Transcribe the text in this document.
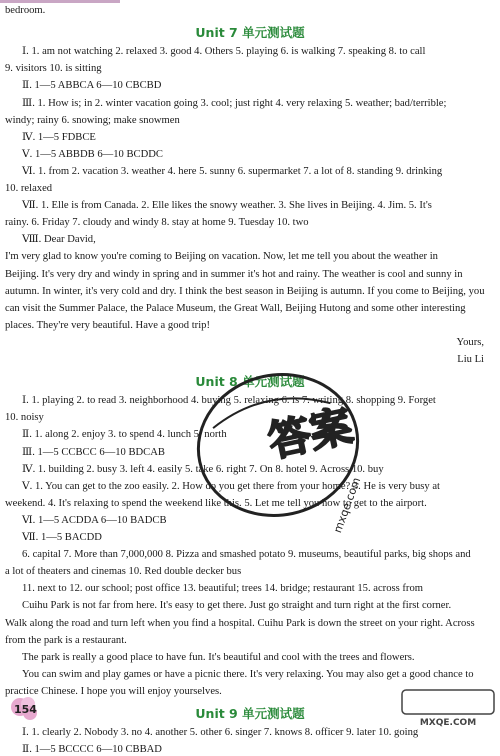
bedroom.
Unit 7 单元测试题
Ⅰ. 1. am not watching 2. relaxed 3. good 4. Others 5. playing 6. is walking 7. speaking 8. to call
9. visitors 10. is sitting
Ⅱ. 1—5 ABBCA 6—10 CBCBD
Ⅲ. 1. How is; in 2. winter vacation going 3. cool; just right 4. very relaxing 5. weather; bad/terrible;
windy; rainy 6. snowing; make snowmen
Ⅳ. 1—5 FDBCE
Ⅴ. 1—5 ABBDB 6—10 BCDDC
Ⅵ. 1. from 2. vacation 3. weather 4. here 5. sunny 6. supermarket 7. a lot of 8. standing 9. drinking
10. relaxed
Ⅶ. 1. Elle is from Canada. 2. Elle likes the snowy weather. 3. She lives in Beijing. 4. Jim. 5. It's
rainy. 6. Friday 7. cloudy and windy 8. stay at home 9. Tuesday 10. two
Ⅷ. Dear David,
I'm very glad to know you're coming to Beijing on vacation. Now, let me tell you about the weather in
Beijing. It's very dry and windy in spring and in summer it's hot and rainy. The weather is cool and sunny in
autumn. In winter, it's very cold and dry. I think the best season in Beijing is autumn. If you come to Beijing, you
can visit the Summer Palace, the Palace Museum, the Great Wall, Beijing Hutong and some other interesting
places. They're very beautiful. Have a good trip!
Yours,
Liu Li
Unit 8 单元测试题
Ⅰ. 1. playing 2. to read 3. neighborhood 4. buying 5. relaxing 6. is 7. writing 8. shopping 9. Forget
10. noisy
Ⅱ. 1. along 2. enjoy 3. to spend 4. lunch 5. north
Ⅲ. 1—5 CCBCC 6—10 BDCAB
Ⅳ. 1. building 2. busy 3. left 4. easily 5. take 6. right 7. On 8. hotel 9. Across 10. buy
Ⅴ. 1. You can get to the zoo easily. 2. How do you get there from your home? 3. He is very busy at
weekend. 4. It's relaxing to spend the weekend like this. 5. Let me tell you how to get to the airport.
Ⅵ. 1—5 ACDDA 6—10 BADCB
Ⅶ. 1—5 BACDD
6. capital 7. More than 7,000,000 8. Pizza and smashed potato 9. museums, beautiful parks, big shops and
a lot of theaters and cinemas 10. Red double decker bus
11. next to 12. our school; post office 13. beautiful; trees 14. bridge; restaurant 15. across from
Cuihu Park is not far from here. It's easy to get there. Just go straight and turn right at the first corner.
Walk along the road and turn left when you find a hospital. Cuihu Park is down the street on your right. Across
from the park is a restaurant.
The park is really a good place to have fun. It's beautiful and cool with the trees and flowers.
You can swim and play games or have a picnic there. It's very relaxing. You may also get a good chance to
practice Chinese. I hope you will enjoy yourselves.
Unit 9 单元测试题
Ⅰ. 1. clearly 2. Nobody 3. no 4. another 5. other 6. singer 7. knows 8. officer 9. later 10. going
Ⅱ. 1—5 BCCCC 6—10 CBBAD
答案
mxqe.com
154
MXQE.COM
